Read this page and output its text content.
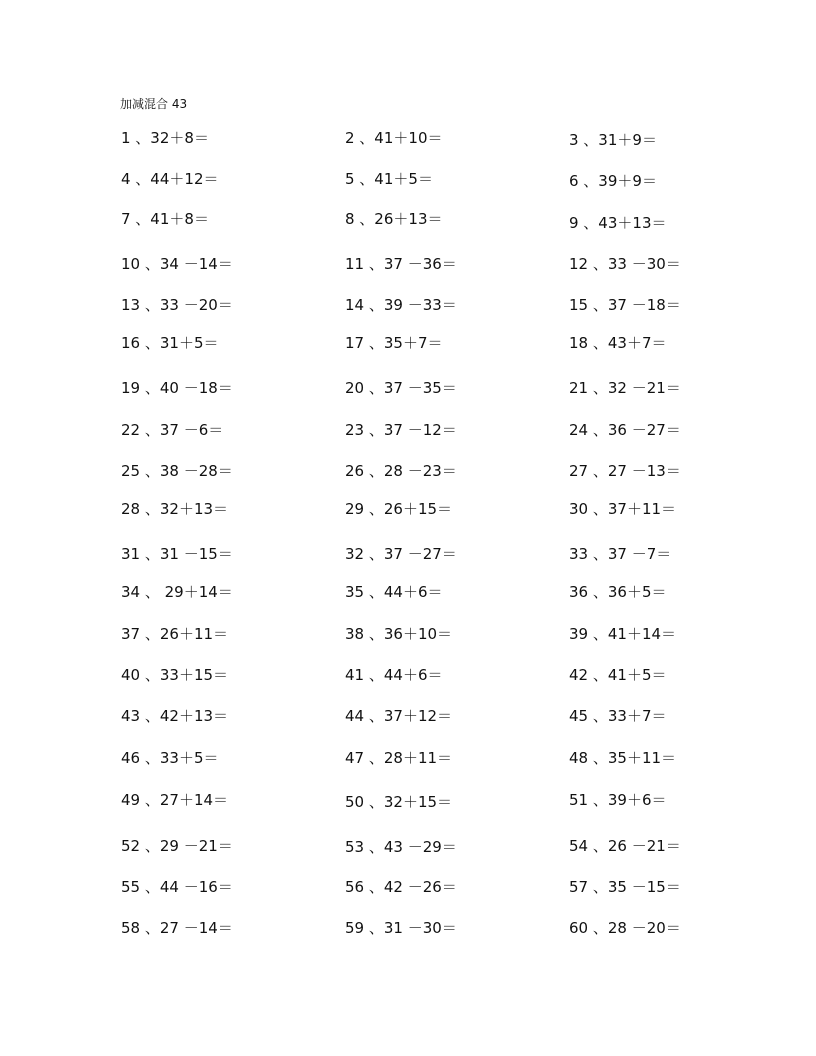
加减混合 43
1 、32＋8＝	2 、41＋10＝	3 、31＋9＝
4 、44＋12＝	5 、41＋5＝	6 、39＋9＝
7 、41＋8＝	8 、26＋13＝	9 、43＋13＝
10 、34 －14＝	11 、37 －36＝	12 、33 －30＝
13 、33 －20＝	14 、39 －33＝	15 、37 －18＝
16 、31＋5＝	17 、35＋7＝	18 、43＋7＝
19 、40 －18＝	20 、37 －35＝	21 、32 －21＝
22 、37 －6＝	23 、37 －12＝	24 、36 －27＝
25 、38 －28＝	26 、28 －23＝	27 、27 －13＝
28 、32＋13＝	29 、26＋15＝	30 、37＋11＝
31 、31 －15＝	32 、37 －27＝	33 、37 －7＝
34 、 29＋14＝	35 、44＋6＝	36 、36＋5＝
37 、26＋11＝	38 、36＋10＝	39 、41＋14＝
40 、33＋15＝	41 、44＋6＝	42 、41＋5＝
43 、42＋13＝	44 、37＋12＝	45 、33＋7＝
46 、33＋5＝	47 、28＋11＝	48 、35＋11＝
49 、27＋14＝	50 、32＋15＝	51 、39＋6＝
52 、29 －21＝	53 、43 －29＝	54 、26 －21＝
55 、44 －16＝	56 、42 －26＝	57 、35 －15＝
58 、27 －14＝	59 、31 －30＝	60 、28 －20＝
